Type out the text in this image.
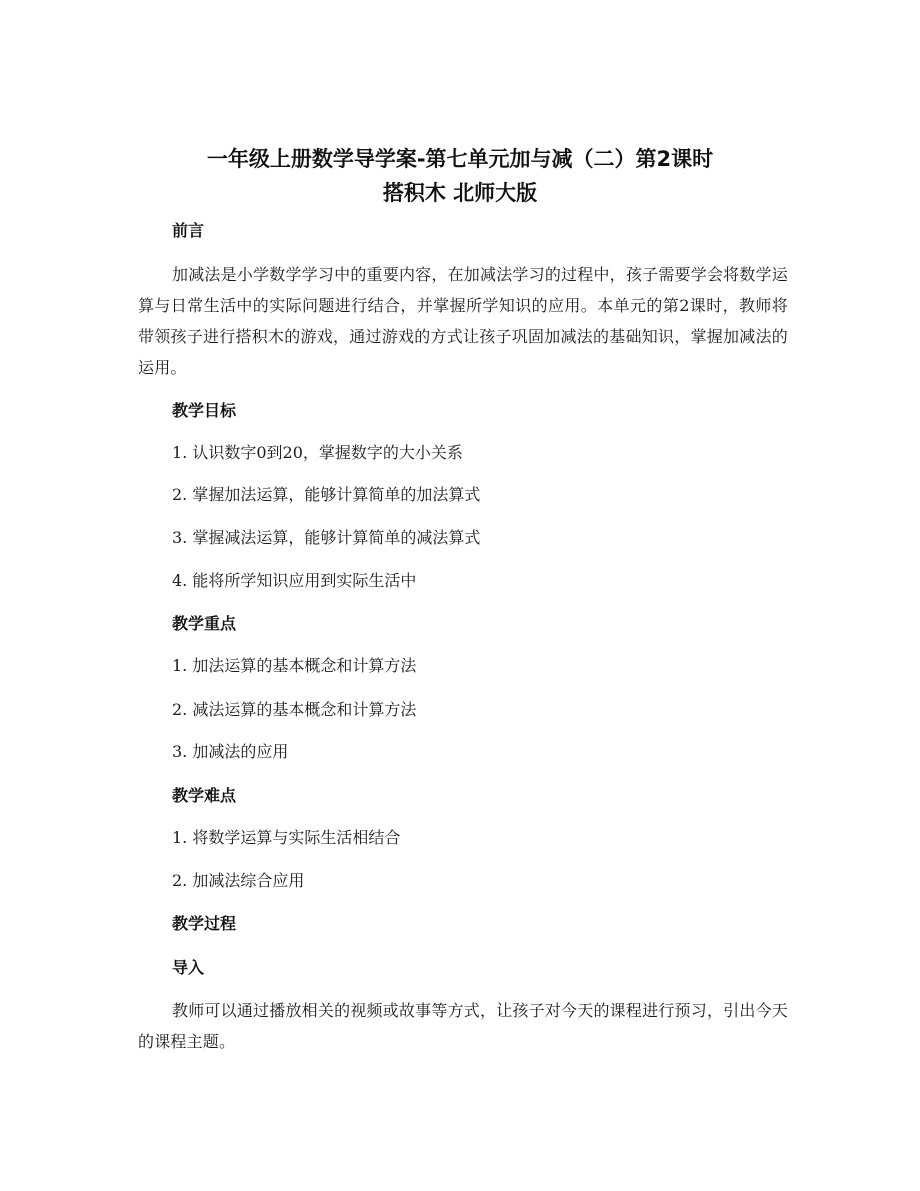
一年级上册数学导学案-第七单元加与减（二）第2课时
搭积木 北师大版
前言

加减法是小学数学学习中的重要内容，在加减法学习的过程中，孩子需要学会将数学运算与日常生活中的实际问题进行结合，并掌握所学知识的应用。本单元的第2课时，教师将带领孩子进行搭积木的游戏，通过游戏的方式让孩子巩固加减法的基础知识，掌握加减法的运用。

教学目标
1. 认识数字0到20，掌握数字的大小关系
2. 掌握加法运算，能够计算简单的加法算式
3. 掌握减法运算，能够计算简单的减法算式
4. 能将所学知识应用到实际生活中
教学重点
1. 加法运算的基本概念和计算方法
2. 减法运算的基本概念和计算方法
3. 加减法的应用
教学难点
1. 将数学运算与实际生活相结合
2. 加减法综合应用
教学过程
导入

教师可以通过播放相关的视频或故事等方式，让孩子对今天的课程进行预习，引出今天的课程主题。
